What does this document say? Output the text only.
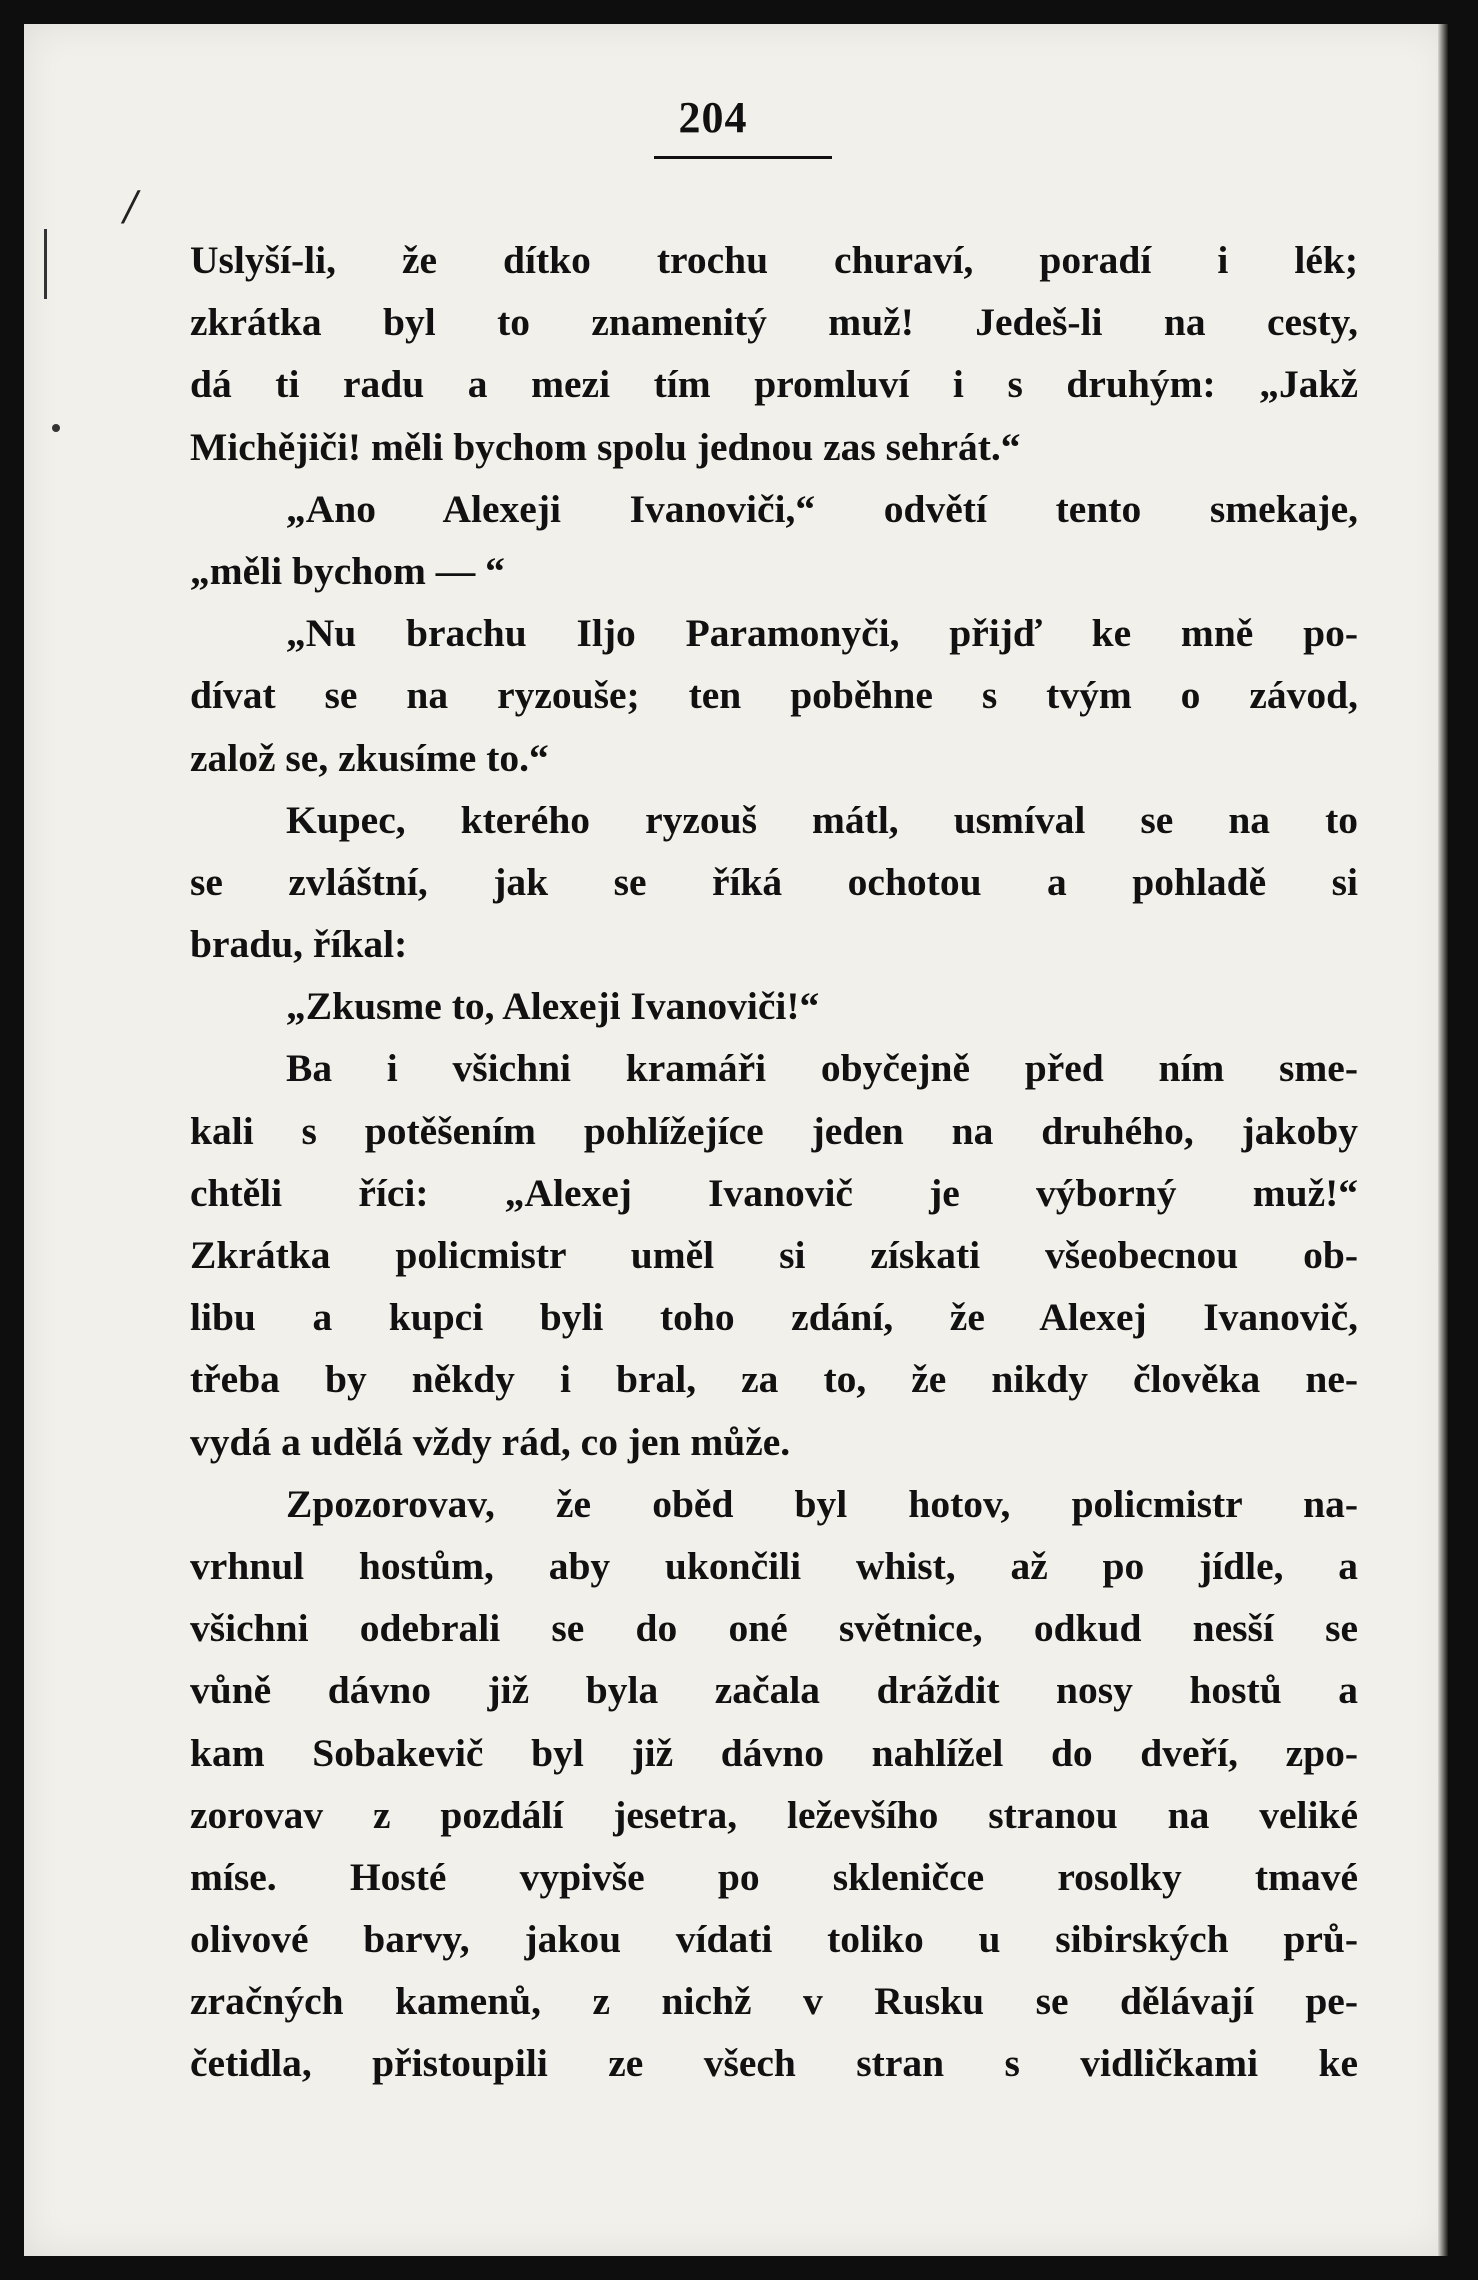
204
/
Uslyší-li, že dítko trochu churaví, poradí i lék;
zkrátka byl to znamenitý muž! Jedeš-li na cesty,
dá ti radu a mezi tím promluví i s druhým: „Jakž
Michějiči! měli bychom spolu jednou zas sehrát.“
„Ano Alexeji Ivanoviči,“ odvětí tento smekaje,
„měli bychom — “
„Nu brachu Iljo Paramonyči, přijď ke mně po-
dívat se na ryzouše; ten poběhne s tvým o závod,
založ se, zkusíme to.“
Kupec, kterého ryzouš mátl, usmíval se na to
se zvláštní, jak se říká ochotou a pohladě si
bradu, říkal:
„Zkusme to, Alexeji Ivanoviči!“
Ba i všichni kramáři obyčejně před ním sme-
kali s potěšením pohlížejíce jeden na druhého, jakoby
chtěli říci: „Alexej Ivanovič je výborný muž!“
Zkrátka policmistr uměl si získati všeobecnou ob-
libu a kupci byli toho zdání, že Alexej Ivanovič,
třeba by někdy i bral, za to, že nikdy člověka ne-
vydá a udělá vždy rád, co jen může.
Zpozorovav, že oběd byl hotov, policmistr na-
vrhnul hostům, aby ukončili whist, až po jídle, a
všichni odebrali se do oné světnice, odkud nesší se
vůně dávno již byla začala dráždit nosy hostů a
kam Sobakevič byl již dávno nahlížel do dveří, zpo-
zorovav z pozdálí jesetra, leževšího stranou na veliké
míse. Hosté vypivše po skleničce rosolky tmavé
olivové barvy, jakou vídati toliko u sibirských prů-
zračných kamenů, z nichž v Rusku se dělávají pe-
četidla, přistoupili ze všech stran s vidličkami ke
